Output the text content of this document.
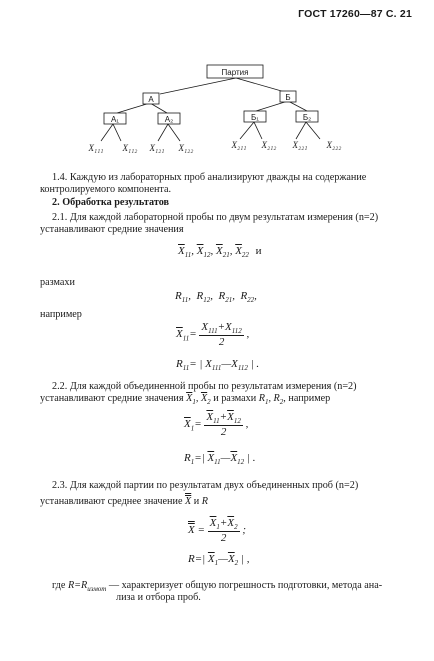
ГОСТ 17260—87 С. 21
Партия
А	Б
A₁	A₂	Б₁	Б₂
X₁₁₁ X₁₁₂ X₁₂₁ X₁₂₂	X₂₁₁ X₂₁₂ X₂₂₁ X₂₂₂
1.4. Каждую из лабораторных проб анализируют дважды на содержание
контролируемого компонента.
2. Обработка результатов
2.1. Для каждой лабораторной пробы по двум результатам измерения (n=2)
устанавливают средние значения
$\overline{X}_{11}$, $\overline{X}_{12}$, $\overline{X}_{21}$, $\overline{X}_{22}$ и
размахи
$R_{11}$,  $R_{12}$,  $R_{21}$,  $R_{22}$,
например
$\overline{X}_{11}= \frac{X_{111}+X_{112}}{2}$ ,
$R_{11}=$ | $X_{111}—X_{112}$ | .
2.2. Для каждой объединенной пробы по результатам измерения (n=2)
устанавливают средние значения $\overline{X}_1$, $\overline{X}_2$ и размахи $R_1$, $R_2$, например
$\overline{X}_1= \frac{\overline{X}_{11}+\overline{X}_{12}}{2}$ ,
$R_1=|$ $\overline{X}_{11}—\overline{X}_{12}$ | .
2.3. Для каждой партии по результатам двух объединенных проб (n=2)
устанавливают среднее значение X и R
$X = \frac{\overline{X}_1+\overline{X}_2}{2}$ ;
R=| $\overline{X}_1—\overline{X}_2$ | ,
где $R=R_{измот}$ — характеризует общую погрешность подготовки, метода ана-
лиза и отбора проб.
